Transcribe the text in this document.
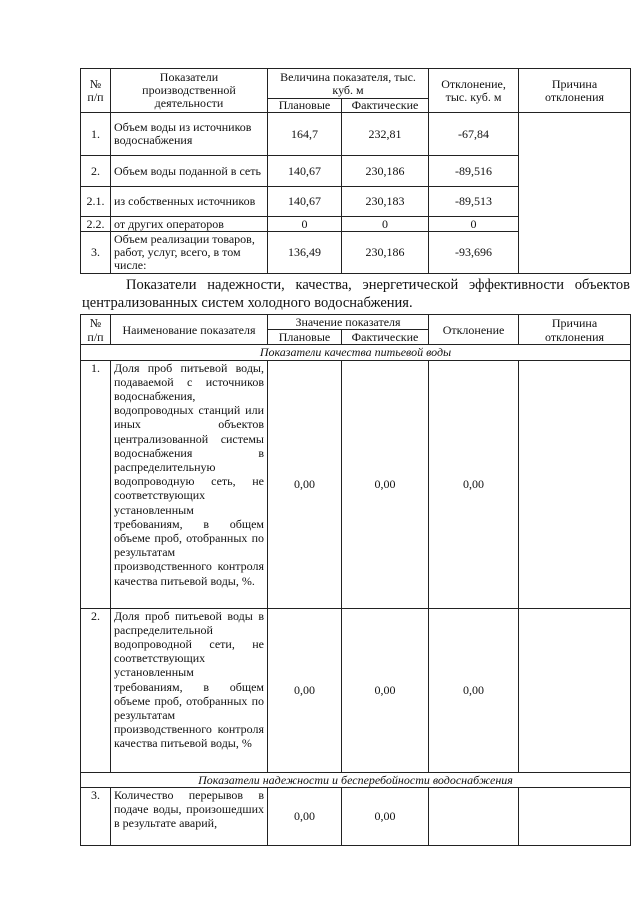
№ п/п	Показатели производственной деятельности	Величина показателя, тыс. куб. м		Отклонение, тыс. куб. м	Причина отклонения
		Плановые	Фактические		
1.	Объем воды из источников водоснабжения	164,7	232,81	-67,84	
2.	Объем воды поданной в сеть	140,67	230,186	-89,516	
2.1.	из собственных источников	140,67	230,183	-89,513	
2.2.	от других операторов	0	0	0	
3.	Объем реализации товаров, работ, услуг, всего, в том числе:	136,49	230,186	-93,696	
Показатели надежности, качества, энергетической эффективности объектов централизованных систем холодного водоснабжения.
№ п/п	Наименование показателя	Значение показателя		Отклонение	Причина отклонения
		Плановые	Фактические		
Показатели качества питьевой воды					
1.	Доля проб питьевой воды, подаваемой с источников водоснабжения, водопроводных станций или иных объектов централизованной системы водоснабжения в распределительную водопроводную сеть, не соответствующих установленным требованиям, в общем объеме проб, отобранных по результатам производственного контроля качества питьевой воды, %.	0,00	0,00	0,00	
2.	Доля проб питьевой воды в распределительной водопроводной сети, не соответствующих установленным требованиям, в общем объеме проб, отобранных по результатам производственного контроля качества питьевой воды, %	0,00	0,00	0,00	
Показатели надежности и бесперебойности водоснабжения					
3.	Количество перерывов в подаче воды, произошедших в результате аварий,	0,00	0,00		
